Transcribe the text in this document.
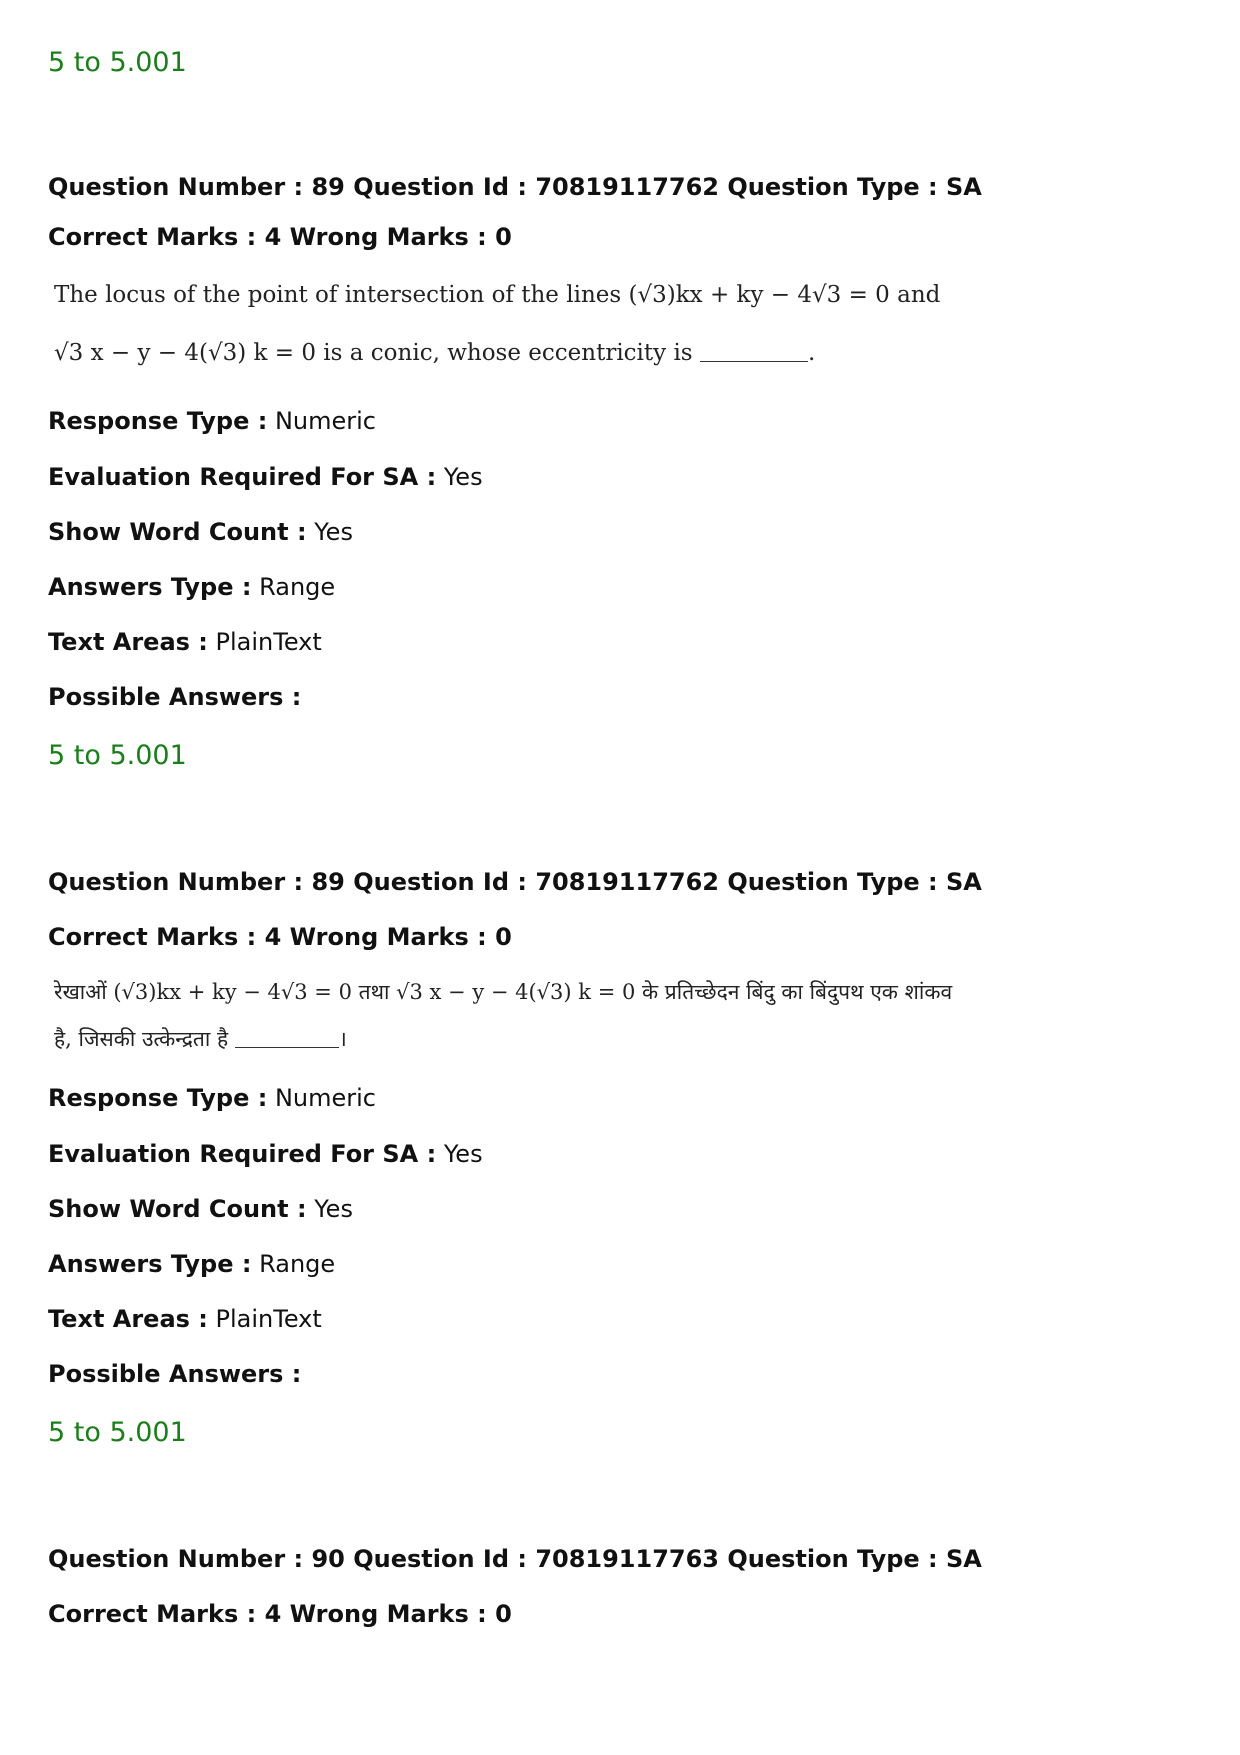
5 to 5.001
Question Number : 89 Question Id : 70819117762 Question Type : SA
Correct Marks : 4 Wrong Marks : 0
The locus of the point of intersection of the lines (√3)kx + ky − 4√3 = 0 and
√3 x − y − 4(√3) k = 0 is a conic, whose eccentricity is	.
Response Type : Numeric
Evaluation Required For SA : Yes
Show Word Count : Yes
Answers Type : Range
Text Areas : PlainText
Possible Answers :
5 to 5.001
Question Number : 89 Question Id : 70819117762 Question Type : SA
Correct Marks : 4 Wrong Marks : 0
रेखाओं (√3)kx + ky − 4√3 = 0 तथा √3 x − y − 4(√3) k = 0 के प्रतिच्छेदन बिंदु का बिंदुपथ एक शांकव
है, जिसकी उत्केन्द्रता है	।
Response Type : Numeric
Evaluation Required For SA : Yes
Show Word Count : Yes
Answers Type : Range
Text Areas : PlainText
Possible Answers :
5 to 5.001
Question Number : 90 Question Id : 70819117763 Question Type : SA
Correct Marks : 4 Wrong Marks : 0
